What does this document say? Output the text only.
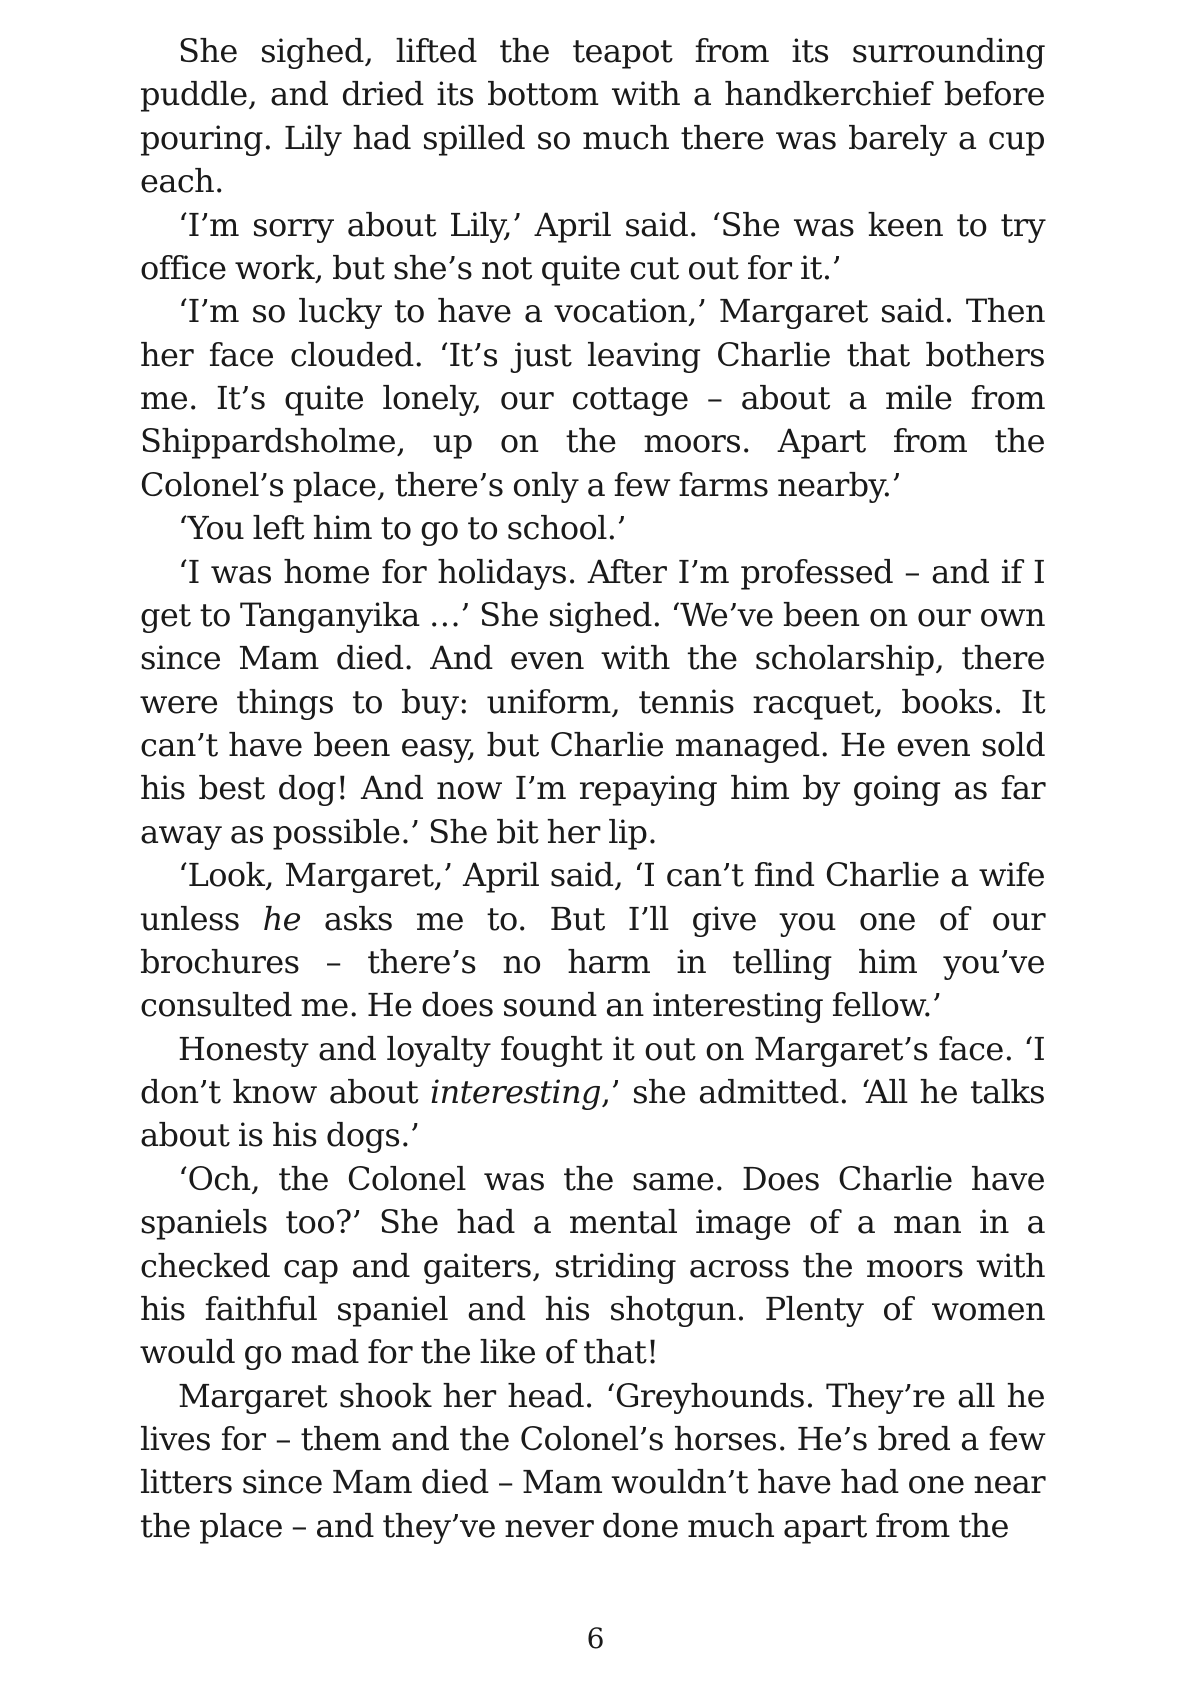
She sighed, lifted the teapot from its surrounding puddle, and dried its bottom with a handkerchief before pouring. Lily had spilled so much there was barely a cup each.

‘I’m sorry about Lily,’ April said. ‘She was keen to try office work, but she’s not quite cut out for it.’

‘I’m so lucky to have a vocation,’ Margaret said. Then her face clouded. ‘It’s just leaving Charlie that bothers me. It’s quite lonely, our cottage – about a mile from Shippardsholme, up on the moors. Apart from the Colonel’s place, there’s only a few farms nearby.’

‘You left him to go to school.’

‘I was home for holidays. After I’m professed – and if I get to Tanganyika …’ She sighed. ‘We’ve been on our own since Mam died. And even with the scholarship, there were things to buy: uniform, tennis racquet, books. It can’t have been easy, but Charlie managed. He even sold his best dog! And now I’m repaying him by going as far away as possible.’ She bit her lip.

‘Look, Margaret,’ April said, ‘I can’t find Charlie a wife unless he asks me to. But I’ll give you one of our brochures – there’s no harm in telling him you’ve consulted me. He does sound an interesting fellow.’

Honesty and loyalty fought it out on Margaret’s face. ‘I don’t know about interesting,’ she admitted. ‘All he talks about is his dogs.’

‘Och, the Colonel was the same. Does Charlie have spaniels too?’ She had a mental image of a man in a checked cap and gaiters, striding across the moors with his faithful spaniel and his shotgun. Plenty of women would go mad for the like of that!

Margaret shook her head. ‘Greyhounds. They’re all he lives for – them and the Colonel’s horses. He’s bred a few litters since Mam died – Mam wouldn’t have had one near the place – and they’ve never done much apart from the

6
